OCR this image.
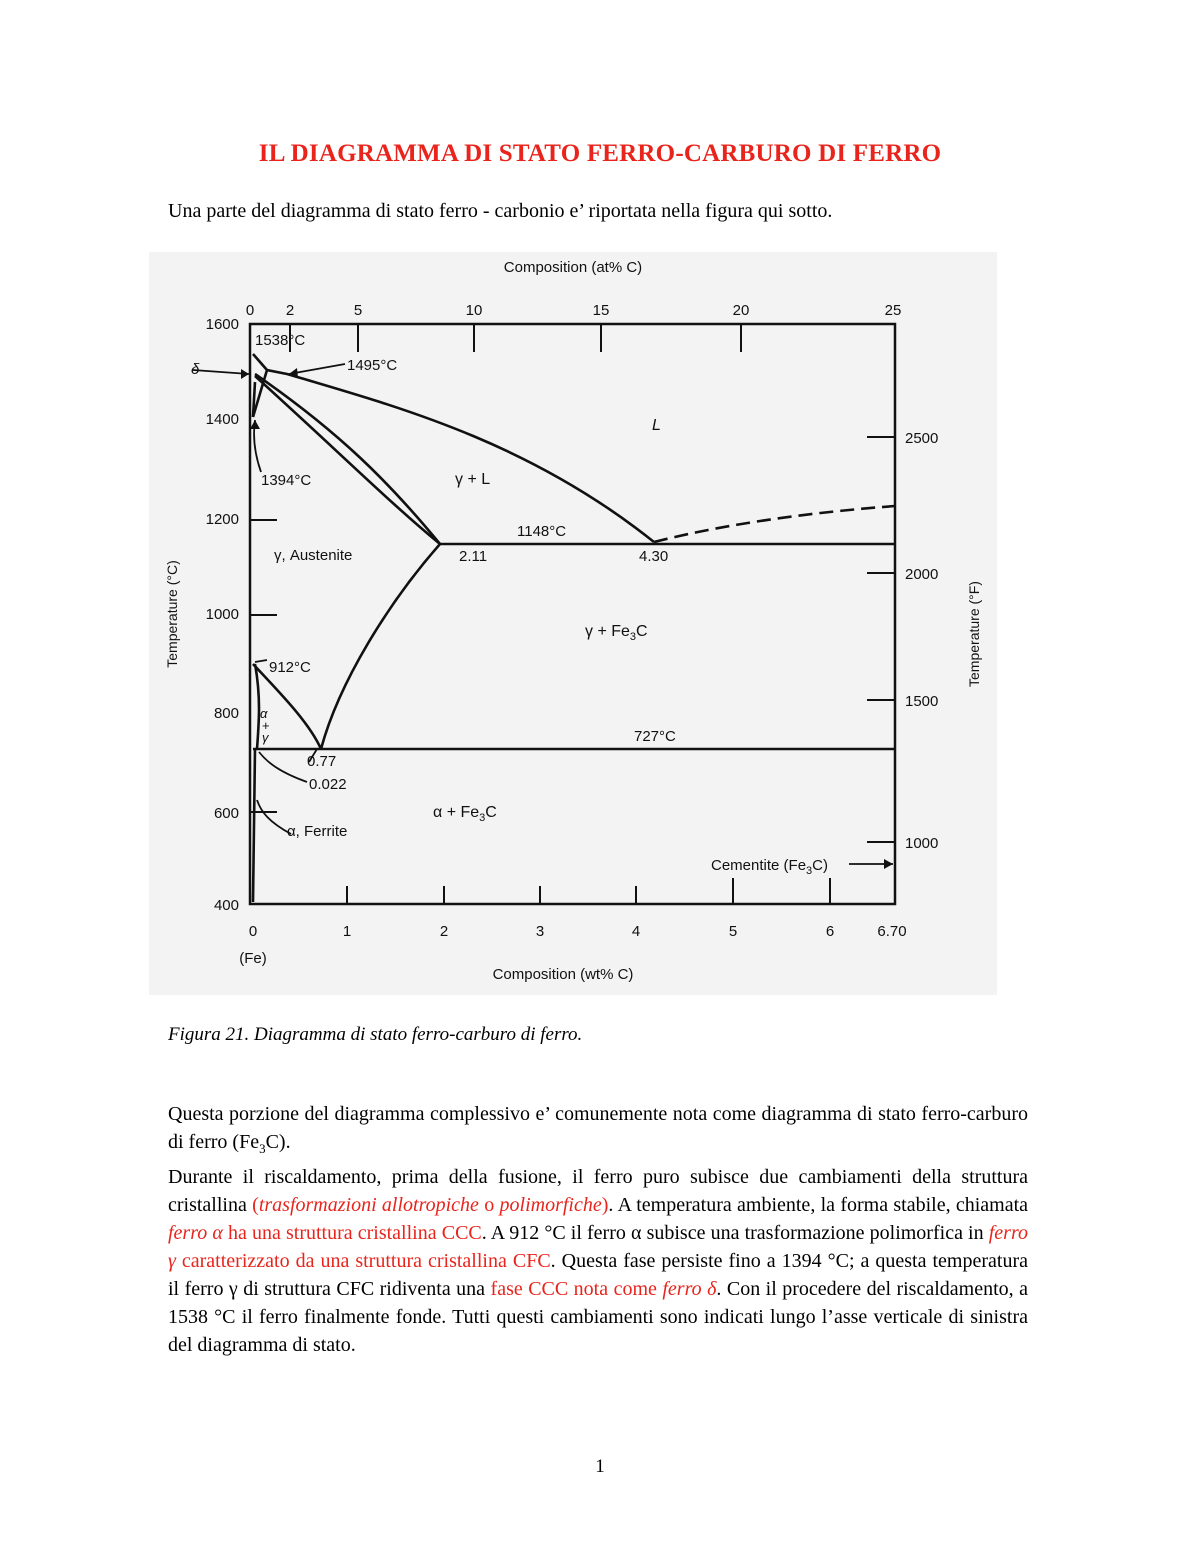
IL DIAGRAMMA DI STATO FERRO-CARBURO DI FERRO
Una parte del diagramma di stato ferro - carbonio e’ riportata nella figura qui sotto.
Composition (at% C)
0 2	5	10	15	20	25
1600
1400
1200
1000
800
600
400
Temperature (°C)
2500
2000
1500
1000
Temperature (°F)
0	1	2	3	4	5	6	6.70
(Fe)
Composition (wt% C)
1538°C
1495°C
δ
1394°C
L
γ + L
1148°C
γ, Austenite	2.11	4.30
$\gamma + Fe_3C$
912°C
α
+
γ	727°C
0.77
0.022
$\alpha + Fe_3C$
α, Ferrite
Cementite $(Fe_3C)$
Figura 21. Diagramma di stato ferro-carburo di ferro.

Questa porzione del diagramma complessivo e’ comunemente nota come diagramma di stato ferro-carburo di ferro $(Fe_3C)$.

Durante il riscaldamento, prima della fusione, il ferro puro subisce due cambiamenti della struttura cristallina (trasformazioni allotropiche o polimorfiche). A temperatura ambiente, la forma stabile, chiamata ferro α ha una struttura cristallina CCC. A 912 °C il ferro α subisce una trasformazione polimorfica in ferro γ caratterizzato da una struttura cristallina CFC. Questa fase persiste fino a 1394 °C; a questa temperatura il ferro γ di struttura CFC ridiventa una fase CCC nota come ferro δ. Con il procedere del riscaldamento, a 1538 °C il ferro finalmente fonde. Tutti questi cambiamenti sono indicati lungo l’asse verticale di sinistra del diagramma di stato.

1
